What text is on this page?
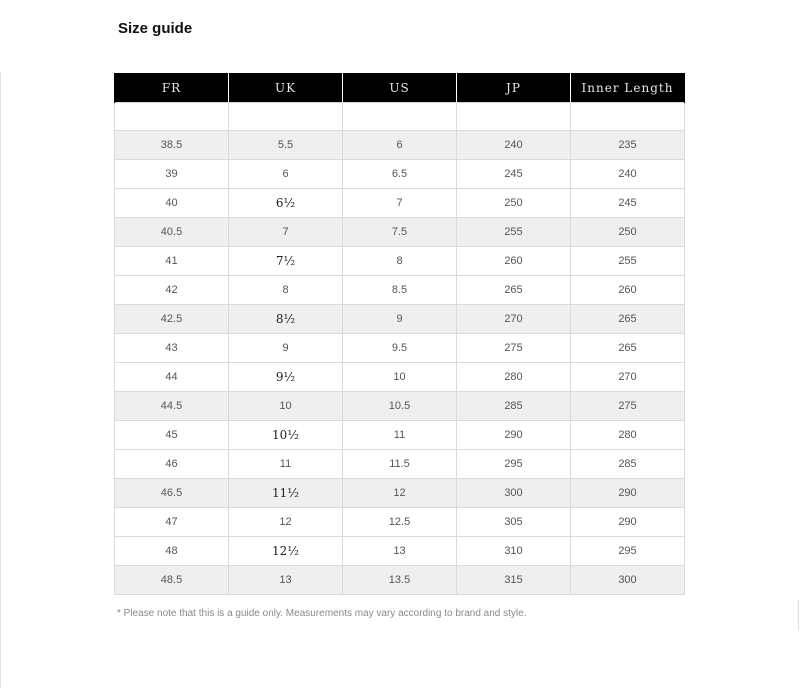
Size guide
FR	UK	US	JP	Inner Length

38.5	5.5	6	240	235
39	6	6.5	245	240
40	6½	7	250	245
40.5	7	7.5	255	250
41	7½	8	260	255
42	8	8.5	265	260
42.5	8½	9	270	265
43	9	9.5	275	265
44	9½	10	280	270
44.5	10	10.5	285	275
45	10½	11	290	280
46	11	11.5	295	285
46.5	11½	12	300	290
47	12	12.5	305	290
48	12½	13	310	295
48.5	13	13.5	315	300
* Please note that this is a guide only. Measurements may vary according to brand and style.
